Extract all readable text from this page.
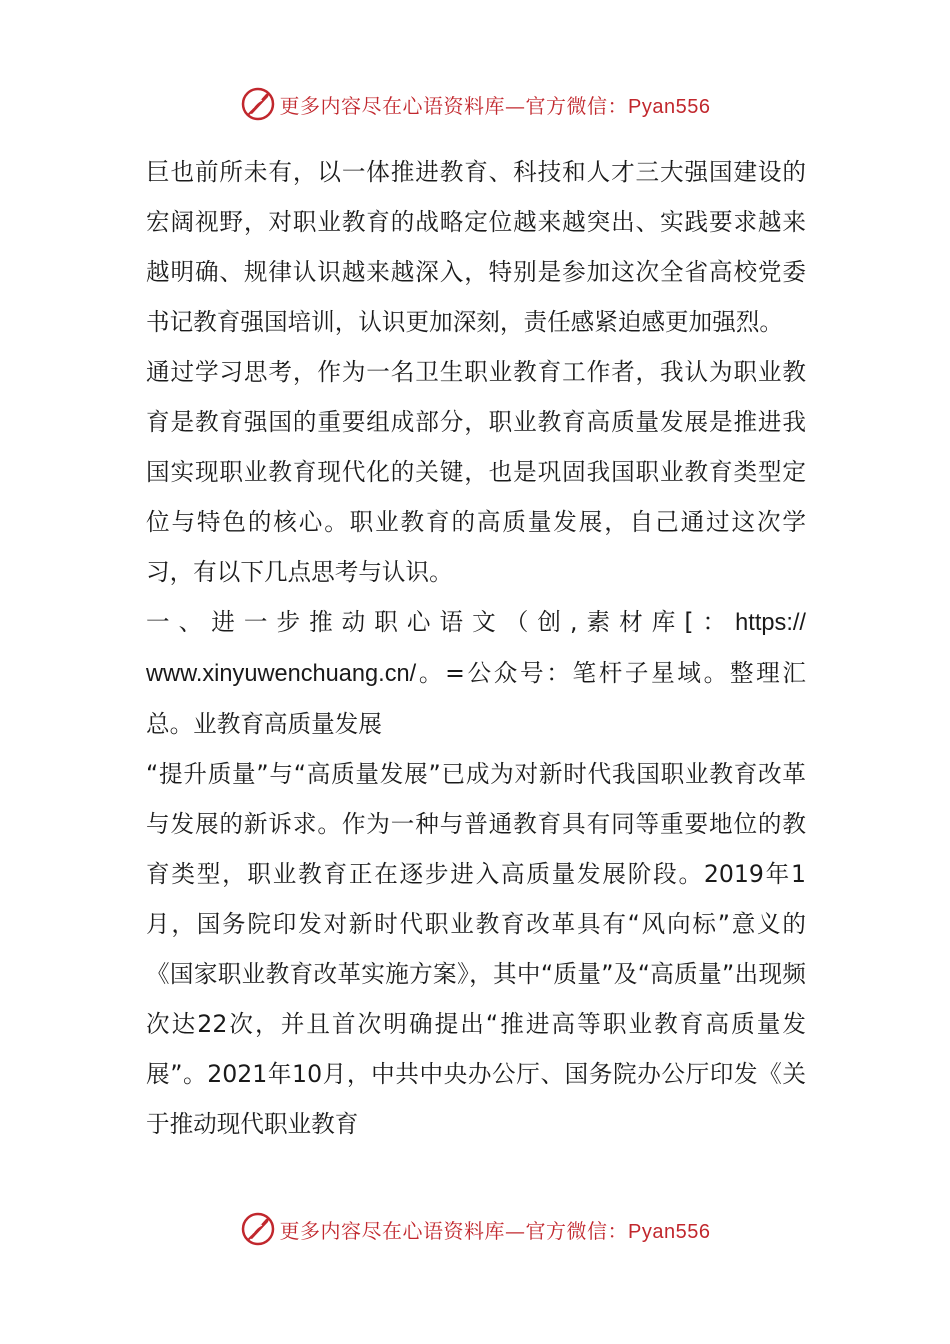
更多内容尽在心语资料库—官方微信：Pyan556

巨也前所未有，以一体推进教育、科技和人才三大强国建设的宏阔视野，对职业教育的战略定位越来越突出、实践要求越来越明确、规律认识越来越深入，特别是参加这次全省高校党委书记教育强国培训，认识更加深刻，责任感紧迫感更加强烈。

通过学习思考，作为一名卫生职业教育工作者，我认为职业教育是教育强国的重要组成部分，职业教育高质量发展是推进我国实现职业教育现代化的关键，也是巩固我国职业教育类型定位与特色的核心。职业教育的高质量发展，自己通过这次学习，有以下几点思考与认识。

一、进一步推动职心语文（创,素材库[：https://

www.xinyuwenchuang.cn/。=公众号：笔杆子星域。整理汇总。业教育高质量发展

“提升质量”与“高质量发展”已成为对新时代我国职业教育改革与发展的新诉求。作为一种与普通教育具有同等重要地位的教育类型，职业教育正在逐步进入高质量发展阶段。2019年1月，国务院印发对新时代职业教育改革具有“风向标”意义的《国家职业教育改革实施方案》，其中“质量”及“高质量”出现频次达22次，并且首次明确提出“推进高等职业教育高质量发展”。2021年10月，中共中央办公厅、国务院办公厅印发《关于推动现代职业教育

更多内容尽在心语资料库—官方微信：Pyan556
